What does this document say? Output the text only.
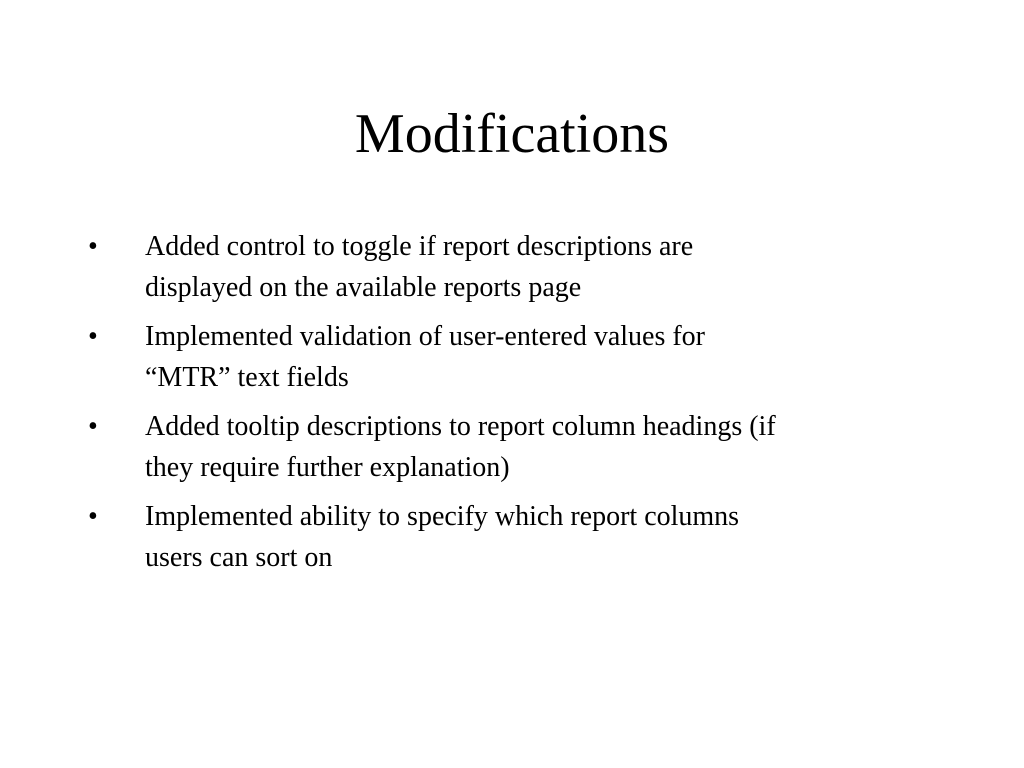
Modifications
•	Added control to toggle if report descriptions are
displayed on the available reports page
•	Implemented validation of user-entered values for
“MTR” text fields
•	Added tooltip descriptions to report column headings (if
they require further explanation)
•	Implemented ability to specify which report columns
users can sort on
